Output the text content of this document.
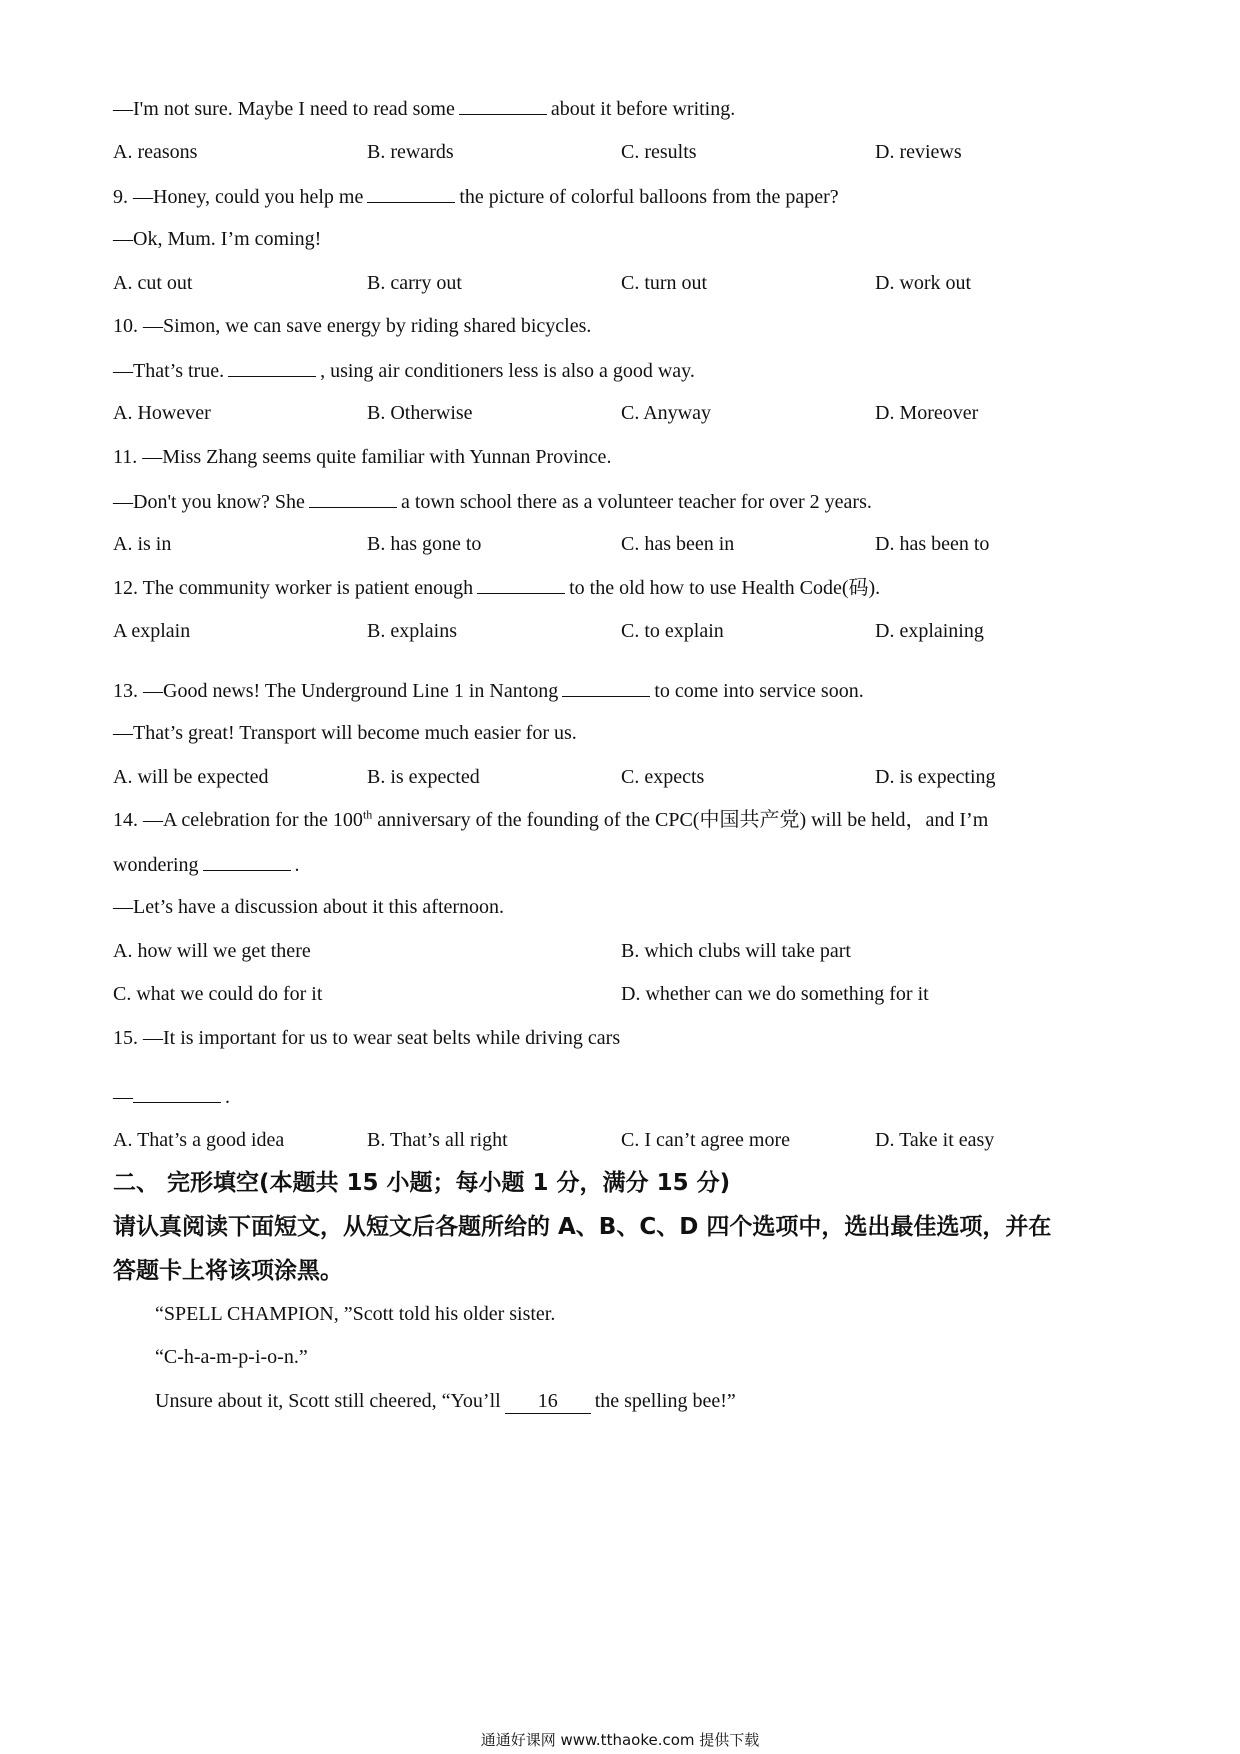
—I'm not sure. Maybe I need to read some	about it before writing.
A. reasons	B. rewards	C. results	D. reviews
9. —Honey, could you help me	the picture of colorful balloons from the paper?
—Ok, Mum. I’m coming!
A. cut out	B. carry out	C. turn out	D. work out
10. —Simon, we can save energy by riding shared bicycles.
—That’s true.	, using air conditioners less is also a good way.
A. However	B. Otherwise	C. Anyway	D. Moreover
11. —Miss Zhang seems quite familiar with Yunnan Province.
—Don't you know? She	a town school there as a volunteer teacher for over 2 years.
A. is in	B. has gone to	C. has been in	D. has been to
12. The community worker is patient enough	to the old how to use Health Code(码).
A explain	B. explains	C. to explain	D. explaining
13. —Good news! The Underground Line 1 in Nantong	to come into service soon.
—That’s great! Transport will become much easier for us.
A. will be expected	B. is expected	C. expects	D. is expecting
14. —A celebration for the 100th anniversary of the founding of the CPC(中国共产党) will be held，and I’m
wondering	.
—Let’s have a discussion about it this afternoon.
A. how will we get there	B. which clubs will take part
C. what we could do for it	D. whether can we do something for it
15. —It is important for us to wear seat belts while driving cars
—	.
A. That’s a good idea	B. That’s all right	C. I can’t agree more	D. Take it easy
二、 完形填空(本题共 15 小题；每小题 1 分，满分 15 分)
请认真阅读下面短文，从短文后各题所给的 A、B、C、D 四个选项中，选出最佳选项，并在
答题卡上将该项涂黑。
“SPELL CHAMPION, ”Scott told his older sister.
“C-h-a-m-p-i-o-n.”
Unsure about it, Scott still cheered, “You’ll 16 the spelling bee!”
通通好课网 www.tthaoke.com 提供下载
